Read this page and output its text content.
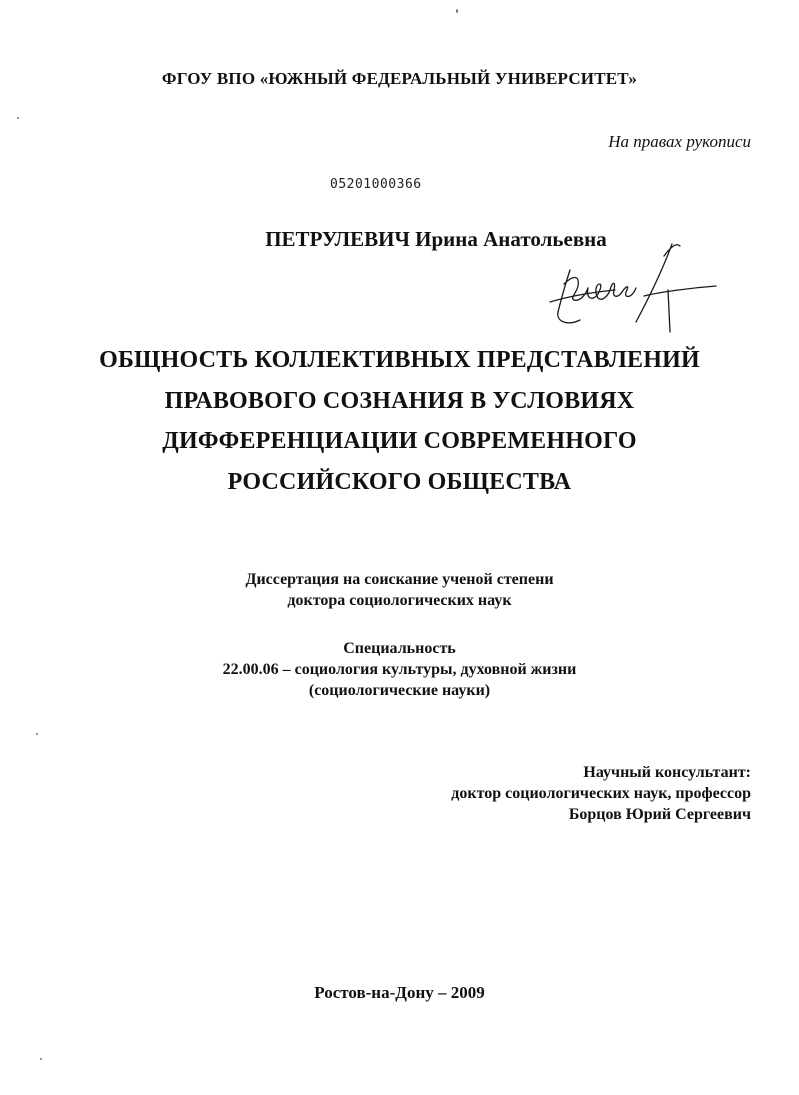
ФГОУ ВПО «ЮЖНЫЙ ФЕДЕРАЛЬНЫЙ УНИВЕРСИТЕТ»
На правах рукописи
05201000366
ПЕТРУЛЕВИЧ Ирина Анатольевна
ОБЩНОСТЬ КОЛЛЕКТИВНЫХ ПРЕДСТАВЛЕНИЙ
ПРАВОВОГО СОЗНАНИЯ В УСЛОВИЯХ
ДИФФЕРЕНЦИАЦИИ СОВРЕМЕННОГО
РОССИЙСКОГО ОБЩЕСТВА
Диссертация на соискание ученой степени
доктора социологических наук
Специальность
22.00.06 – социология культуры, духовной жизни
(социологические науки)
Научный консультант:
доктор социологических наук, профессор
Борцов Юрий Сергеевич
Ростов-на-Дону – 2009
